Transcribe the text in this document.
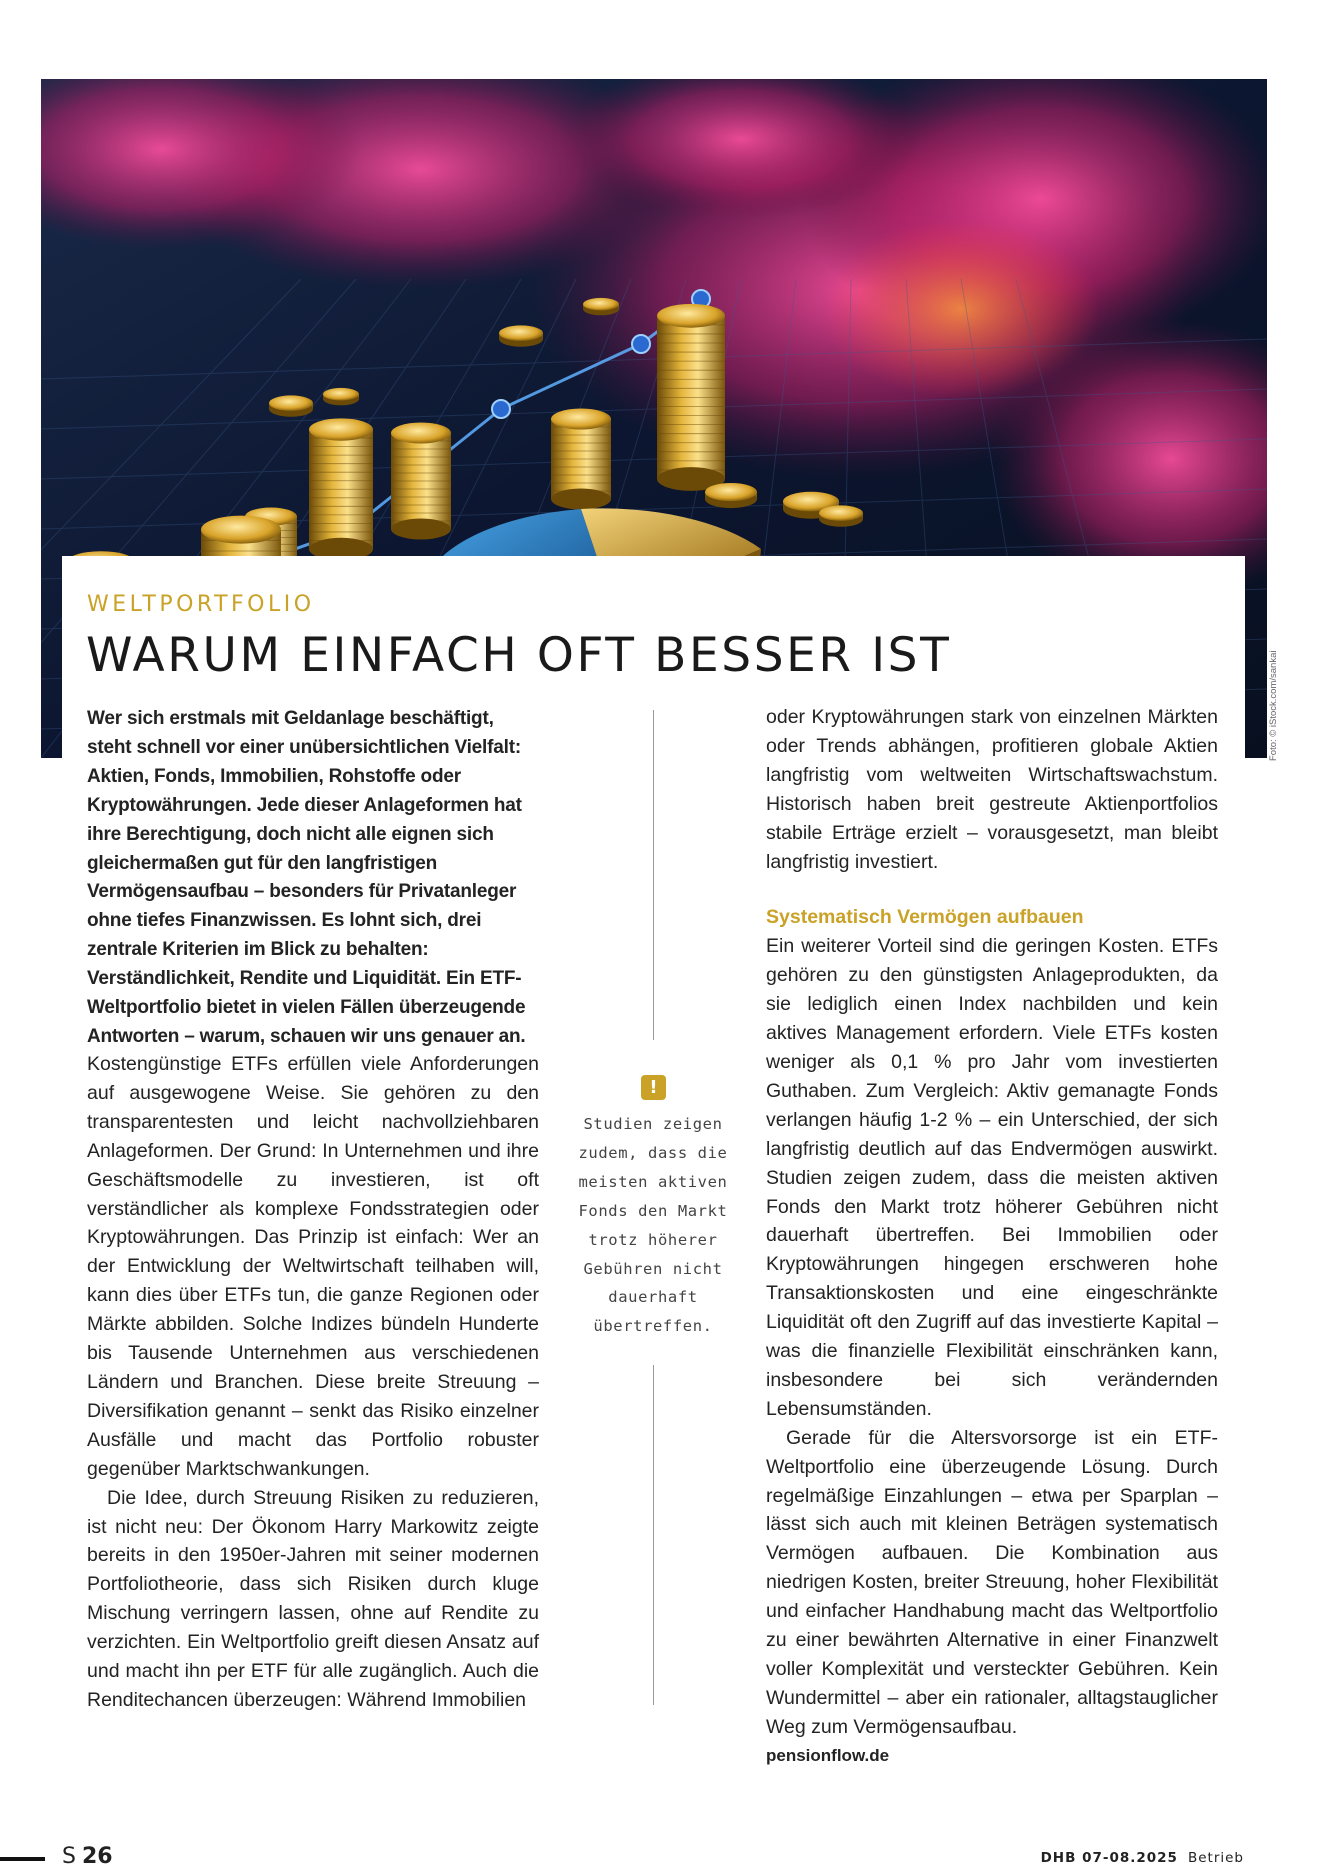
Foto: © iStock.com/sankai
WELTPORTFOLIO
WARUM EINFACH OFT BESSER IST

Wer sich erstmals mit Geldanlage beschäftigt, steht schnell vor einer unübersichtlichen Vielfalt: Aktien, Fonds, Immobilien, Rohstoffe oder Kryptowährungen. Jede dieser Anlageformen hat ihre Berechtigung, doch nicht alle eignen sich gleichermaßen gut für den langfristigen Vermögensaufbau – besonders für Privatanleger ohne tiefes Finanzwissen. Es lohnt sich, drei zentrale Kriterien im Blick zu behalten: Verständlichkeit, Rendite und Liquidität. Ein ETF-Weltportfolio bietet in vielen Fällen überzeugende Antworten – warum, schauen wir uns genauer an.

Kostengünstige ETFs erfüllen viele Anforderungen auf ausgewogene Weise. Sie gehören zu den transparentesten und leicht nachvollziehbaren Anlageformen. Der Grund: In Unternehmen und ihre Geschäftsmodelle zu investieren, ist oft verständlicher als komplexe Fondsstrategien oder Kryptowährungen. Das Prinzip ist einfach: Wer an der Entwicklung der Weltwirtschaft teilhaben will, kann dies über ETFs tun, die ganze Regionen oder Märkte abbilden. Solche Indizes bündeln Hunderte bis Tausende Unternehmen aus verschiedenen Ländern und Branchen. Diese breite Streuung – Diversifikation genannt – senkt das Risiko einzelner Ausfälle und macht das Portfolio robuster gegenüber Marktschwankungen.

Die Idee, durch Streuung Risiken zu reduzieren, ist nicht neu: Der Ökonom Harry Markowitz zeigte bereits in den 1950er-Jahren mit seiner modernen Portfoliotheorie, dass sich Risiken durch kluge Mischung verringern lassen, ohne auf Rendite zu verzichten. Ein Weltportfolio greift diesen Ansatz auf und macht ihn per ETF für alle zugänglich. Auch die Renditechancen überzeugen: Während Immobilien

!
Studien zeigen zudem, dass die meisten aktiven Fonds den Markt trotz höherer Gebühren nicht dauerhaft übertreffen.

oder Kryptowährungen stark von einzelnen Märkten oder Trends abhängen, profitieren globale Aktien langfristig vom weltweiten Wirtschaftswachstum. Historisch haben breit gestreute Aktienportfolios stabile Erträge erzielt – vorausgesetzt, man bleibt langfristig investiert.

Systematisch Vermögen aufbauen

Ein weiterer Vorteil sind die geringen Kosten. ETFs gehören zu den günstigsten Anlageprodukten, da sie lediglich einen Index nachbilden und kein aktives Management erfordern. Viele ETFs kosten weniger als 0,1 % pro Jahr vom investierten Guthaben. Zum Vergleich: Aktiv gemanagte Fonds verlangen häufig 1-2 % – ein Unterschied, der sich langfristig deutlich auf das Endvermögen auswirkt. Studien zeigen zudem, dass die meisten aktiven Fonds den Markt trotz höherer Gebühren nicht dauerhaft übertreffen. Bei Immobilien oder Kryptowährungen hingegen erschweren hohe Transaktionskosten und eine eingeschränkte Liquidität oft den Zugriff auf das investierte Kapital – was die finanzielle Flexibilität einschränken kann, insbesondere bei sich verändernden Lebensumständen.

Gerade für die Altersvorsorge ist ein ETF-Weltportfolio eine überzeugende Lösung. Durch regelmäßige Einzahlungen – etwa per Sparplan – lässt sich auch mit kleinen Beträgen systematisch Vermögen aufbauen. Die Kombination aus niedrigen Kosten, breiter Streuung, hoher Flexibilität und einfacher Handhabung macht das Weltportfolio zu einer bewährten Alternative in einer Finanzwelt voller Komplexität und versteckter Gebühren. Kein Wundermittel – aber ein rationaler, alltagstauglicher Weg zum Vermögensaufbau.

pensionflow.de

S 26	DHB 07-08.2025 Betrieb
